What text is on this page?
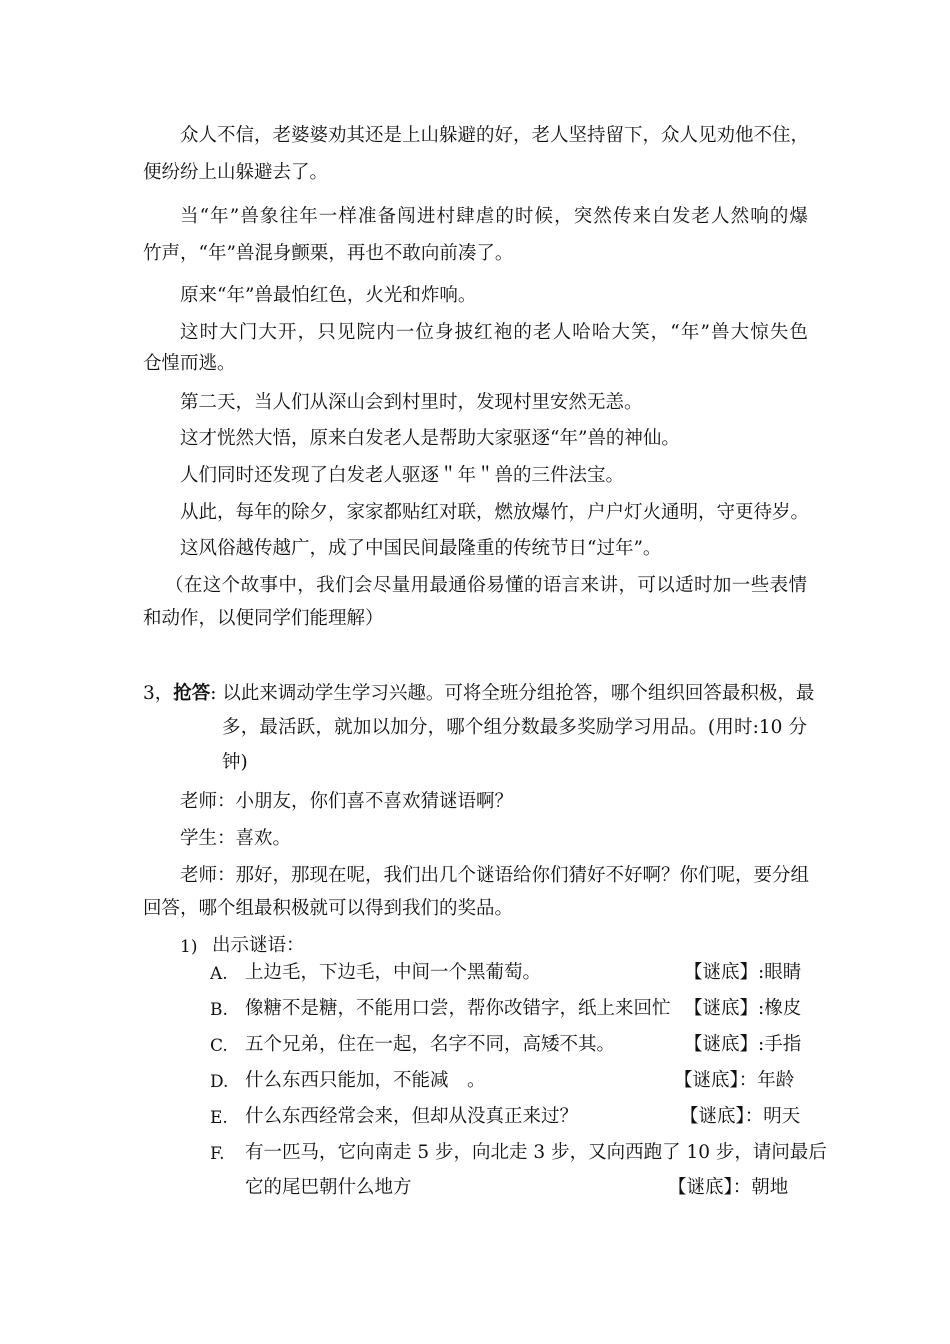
众人不信，老婆婆劝其还是上山躲避的好，老人坚持留下，众人见劝他不住，
便纷纷上山躲避去了。
当“年”兽象往年一样准备闯进村肆虐的时候，突然传来白发老人然响的爆
竹声，“年”兽混身颤栗，再也不敢向前凑了。
原来“年”兽最怕红色，火光和炸响。
这时大门大开，只见院内一位身披红袍的老人哈哈大笑，“年”兽大惊失色
仓惶而逃。
第二天，当人们从深山会到村里时，发现村里安然无恙。
这才恍然大悟，原来白发老人是帮助大家驱逐“年”兽的神仙。
人们同时还发现了白发老人驱逐＂年＂兽的三件法宝。
从此，每年的除夕，家家都贴红对联，燃放爆竹，户户灯火通明，守更待岁。
这风俗越传越广，成了中国民间最隆重的传统节日“过年”。
（在这个故事中，我们会尽量用最通俗易懂的语言来讲，可以适时加一些表情
和动作，以便同学们能理解）
3，抢答: 以此来调动学生学习兴趣。可将全班分组抢答，哪个组织回答最积极，最
多，最活跃，就加以加分，哪个组分数最多奖励学习用品。(用时:10 分
钟)
老师：小朋友，你们喜不喜欢猜谜语啊？
学生：喜欢。
老师：那好，那现在呢，我们出几个谜语给你们猜好不好啊？你们呢，要分组
回答，哪个组最积极就可以得到我们的奖品。
1) 出示谜语：
A. 上边毛，下边毛，中间一个黑葡萄。	【谜底】:眼睛
B. 像糖不是糖，不能用口尝，帮你改错字，纸上来回忙 【谜底】:橡皮
C. 五个兄弟，住在一起，名字不同，高矮不其。	【谜底】:手指
D. 什么东西只能加，不能减　。	【谜底】：年龄
E. 什么东西经常会来，但却从没真正来过？	【谜底】：明天
F. 有一匹马，它向南走 5 步，向北走 3 步，又向西跑了 10 步，请问最后
它的尾巴朝什么地方	【谜底】：朝地
